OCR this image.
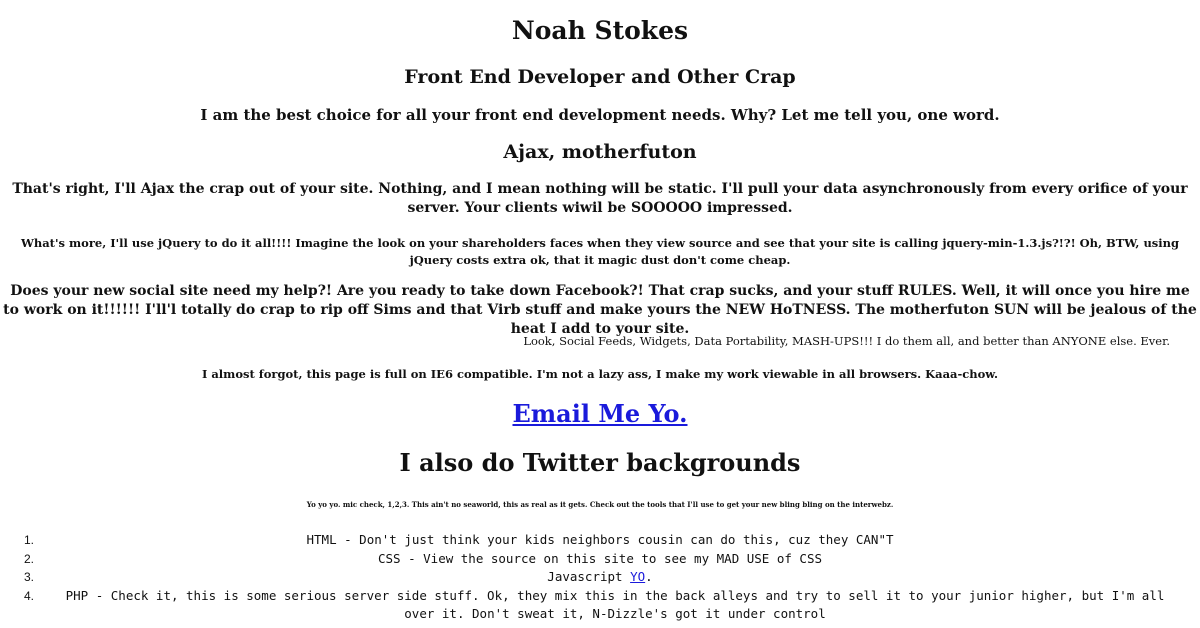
Noah Stokes
Front End Developer and Other Crap
I am the best choice for all your front end development needs. Why? Let me tell you, one word.
Ajax, motherfuton

That's right, I'll Ajax the crap out of your site. Nothing, and I mean nothing will be static. I'll pull your data asynchronously from every orifice of your server. Your clients wiwil be SOOOOO impressed.

What's more, I'll use jQuery to do it all!!!! Imagine the look on your shareholders faces when they view source and see that your site is calling jquery-min-1.3.js?!?! Oh, BTW, using jQuery costs extra ok, that it magic dust don't come cheap.

Does your new social site need my help?! Are you ready to take down Facebook?! That crap sucks, and your stuff RULES. Well, it will once you hire me to work on it!!!!!! I'll'l totally do crap to rip off Sims and that Virb stuff and make yours the NEW HoTNESS. The motherfuton SUN will be jealous of the heat I add to your site.

Look, Social Feeds, Widgets, Data Portability, MASH-UPS!!! I do them all, and better than ANYONE else. Ever.

I almost forgot, this page is full on IE6 compatible. I'm not a lazy ass, I make my work viewable in all browsers. Kaaa-chow.

Email Me Yo.
I also do Twitter backgrounds

Yo yo yo. mic check, 1,2,3. This ain't no seaworld, this as real as it gets. Check out the tools that I'll use to get your new bling bling on the interwebz.

1.	HTML - Don't just think your kids neighbors cousin can do this, cuz they CAN"T
2.	CSS - View the source on this site to see my MAD USE of CSS
3.	Javascript YO.
4.	PHP - Check it, this is some serious server side stuff. Ok, they mix this in the back alleys and try to sell it to your junior higher, but I'm all over it. Don't sweat it, N-Dizzle's got it under control
